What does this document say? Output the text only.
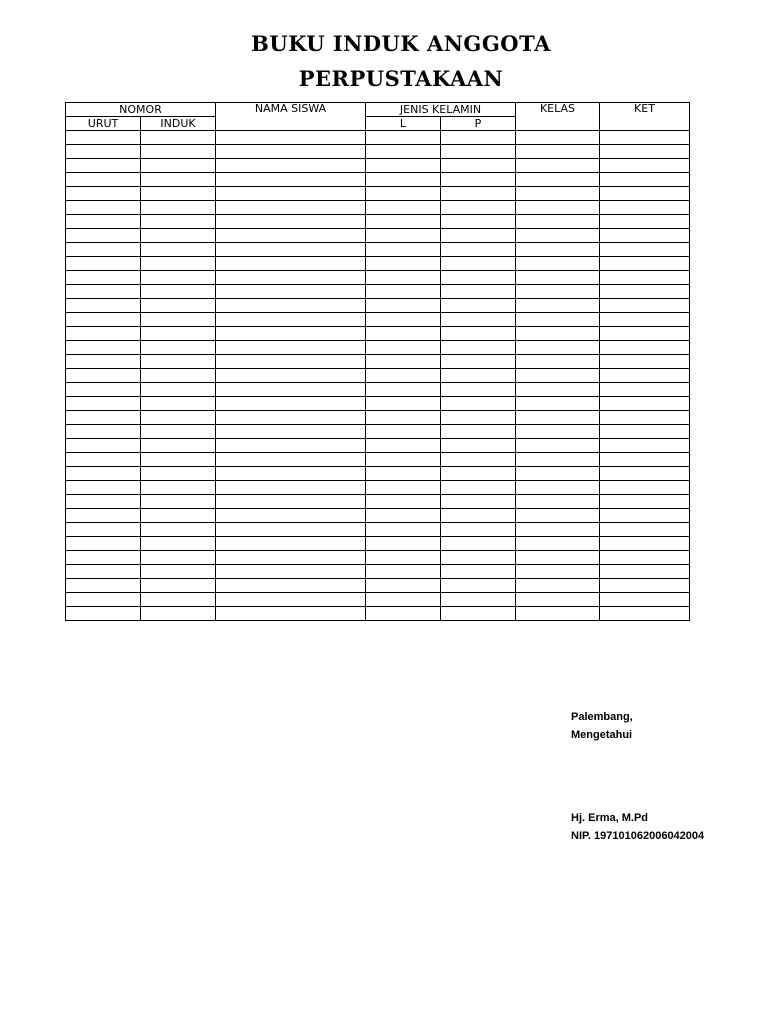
BUKU INDUK ANGGOTA
PERPUSTAKAAN
NOMOR		NAMA SISWA	JENIS KELAMIN		KELAS	KET
URUT	INDUK		L	P		

Palembang,
Mengetahui
Hj. Erma, M.Pd
NIP. 197101062006042004
